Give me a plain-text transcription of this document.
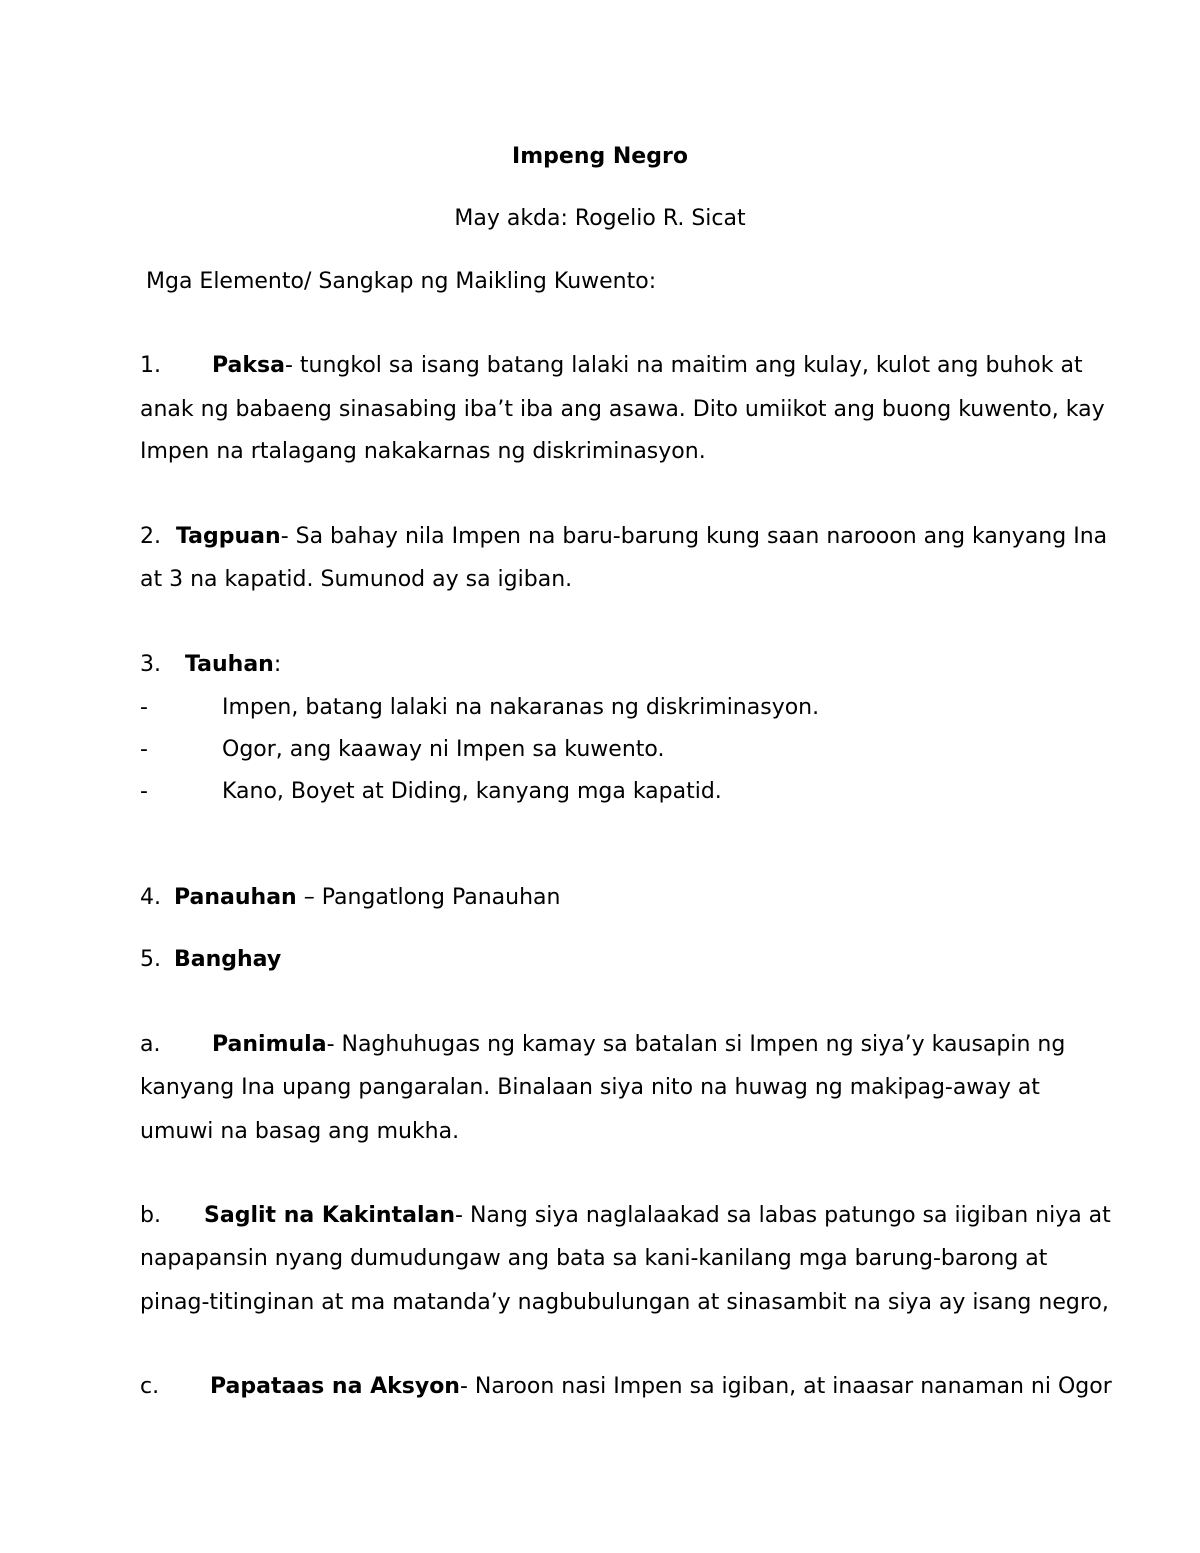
Impeng Negro
May akda: Rogelio R. Sicat
Mga Elemento/ Sangkap ng Maikling Kuwento:
1. Paksa- tungkol sa isang batang lalaki na maitim ang kulay, kulot ang buhok at
anak ng babaeng sinasabing iba’t iba ang asawa. Dito umiikot ang buong kuwento, kay
Impen na rtalagang nakakarnas ng diskriminasyon.
2. Tagpuan- Sa bahay nila Impen na baru-barung kung saan narooon ang kanyang Ina
at 3 na kapatid. Sumunod ay sa igiban.
3. Tauhan:
-	Impen, batang lalaki na nakaranas ng diskriminasyon.
-	Ogor, ang kaaway ni Impen sa kuwento.
-	Kano, Boyet at Diding, kanyang mga kapatid.
4. Panauhan – Pangatlong Panauhan
5. Banghay
a. Panimula- Naghuhugas ng kamay sa batalan si Impen ng siya’y kausapin ng
kanyang Ina upang pangaralan. Binalaan siya nito na huwag ng makipag-away at
umuwi na basag ang mukha.
b. Saglit na Kakintalan- Nang siya naglalaakad sa labas patungo sa iigiban niya at
napapansin nyang dumudungaw ang bata sa kani-kanilang mga barung-barong at
pinag-titinginan at ma matanda’y nagbubulungan at sinasambit na siya ay isang negro,
c. Papataas na Aksyon- Naroon nasi Impen sa igiban, at inaasar nanaman ni Ogor
